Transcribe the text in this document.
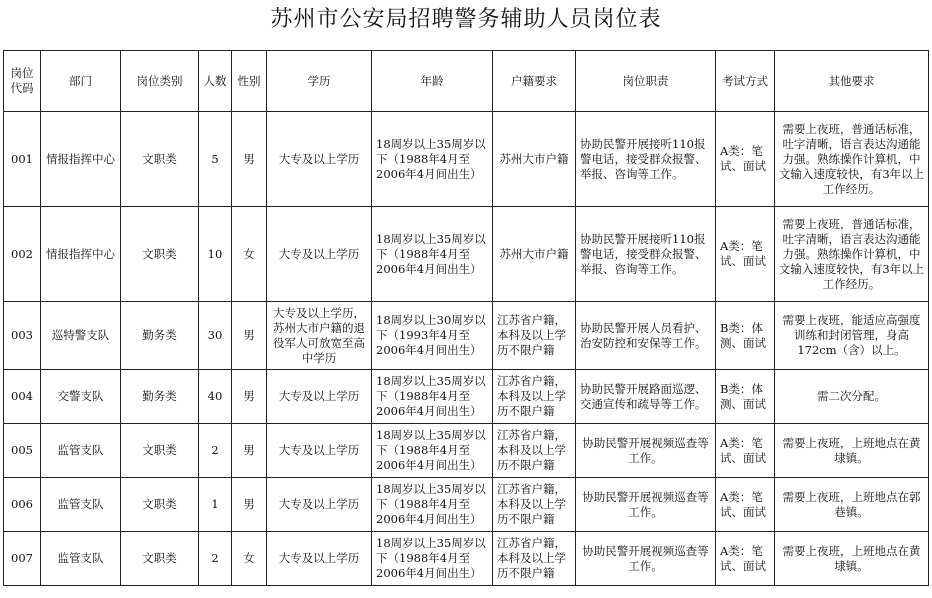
苏州市公安局招聘警务辅助人员岗位表
岗位代码	部门	岗位类别	人数	性别	学历	年龄	户籍要求	岗位职责	考试方式	其他要求
001	情报指挥中心	文职类	5	男	大专及以上学历	18周岁以上35周岁以下（1988年4月至2006年4月间出生）	苏州大市户籍	协助民警开展接听110报警电话，接受群众报警、举报、咨询等工作。	A类：笔试、面试	需要上夜班，普通话标准，吐字清晰，语言表达沟通能力强。熟练操作计算机，中文输入速度较快，有3年以上工作经历。
002	情报指挥中心	文职类	10	女	大专及以上学历	18周岁以上35周岁以下（1988年4月至2006年4月间出生）	苏州大市户籍	协助民警开展接听110报警电话，接受群众报警、举报、咨询等工作。	A类：笔试、面试	需要上夜班，普通话标准，吐字清晰，语言表达沟通能力强。熟练操作计算机，中文输入速度较快，有3年以上工作经历。
003	巡特警支队	勤务类	30	男	大专及以上学历，苏州大市户籍的退役军人可放宽至高中学历	18周岁以上30周岁以下（1993年4月至2006年4月间出生）	江苏省户籍，本科及以上学历不限户籍	协助民警开展人员看护、治安防控和安保等工作。	B类：体测、面试	需要上夜班，能适应高强度训练和封闭管理，身高172cm（含）以上。
004	交警支队	勤务类	40	男	大专及以上学历	18周岁以上35周岁以下（1988年4月至2006年4月间出生）	江苏省户籍，本科及以上学历不限户籍	协助民警开展路面巡逻、交通宣传和疏导等工作。	B类：体测、面试	需二次分配。
005	监管支队	文职类	2	男	大专及以上学历	18周岁以上35周岁以下（1988年4月至2006年4月间出生）	江苏省户籍，本科及以上学历不限户籍	协助民警开展视频巡查等工作。	A类：笔试、面试	需要上夜班，上班地点在黄埭镇。
006	监管支队	文职类	1	男	大专及以上学历	18周岁以上35周岁以下（1988年4月至2006年4月间出生）	江苏省户籍，本科及以上学历不限户籍	协助民警开展视频巡查等工作。	A类：笔试、面试	需要上夜班，上班地点在郭巷镇。
007	监管支队	文职类	2	女	大专及以上学历	18周岁以上35周岁以下（1988年4月至2006年4月间出生）	江苏省户籍，本科及以上学历不限户籍	协助民警开展视频巡查等工作。	A类：笔试、面试	需要上夜班，上班地点在黄埭镇。
